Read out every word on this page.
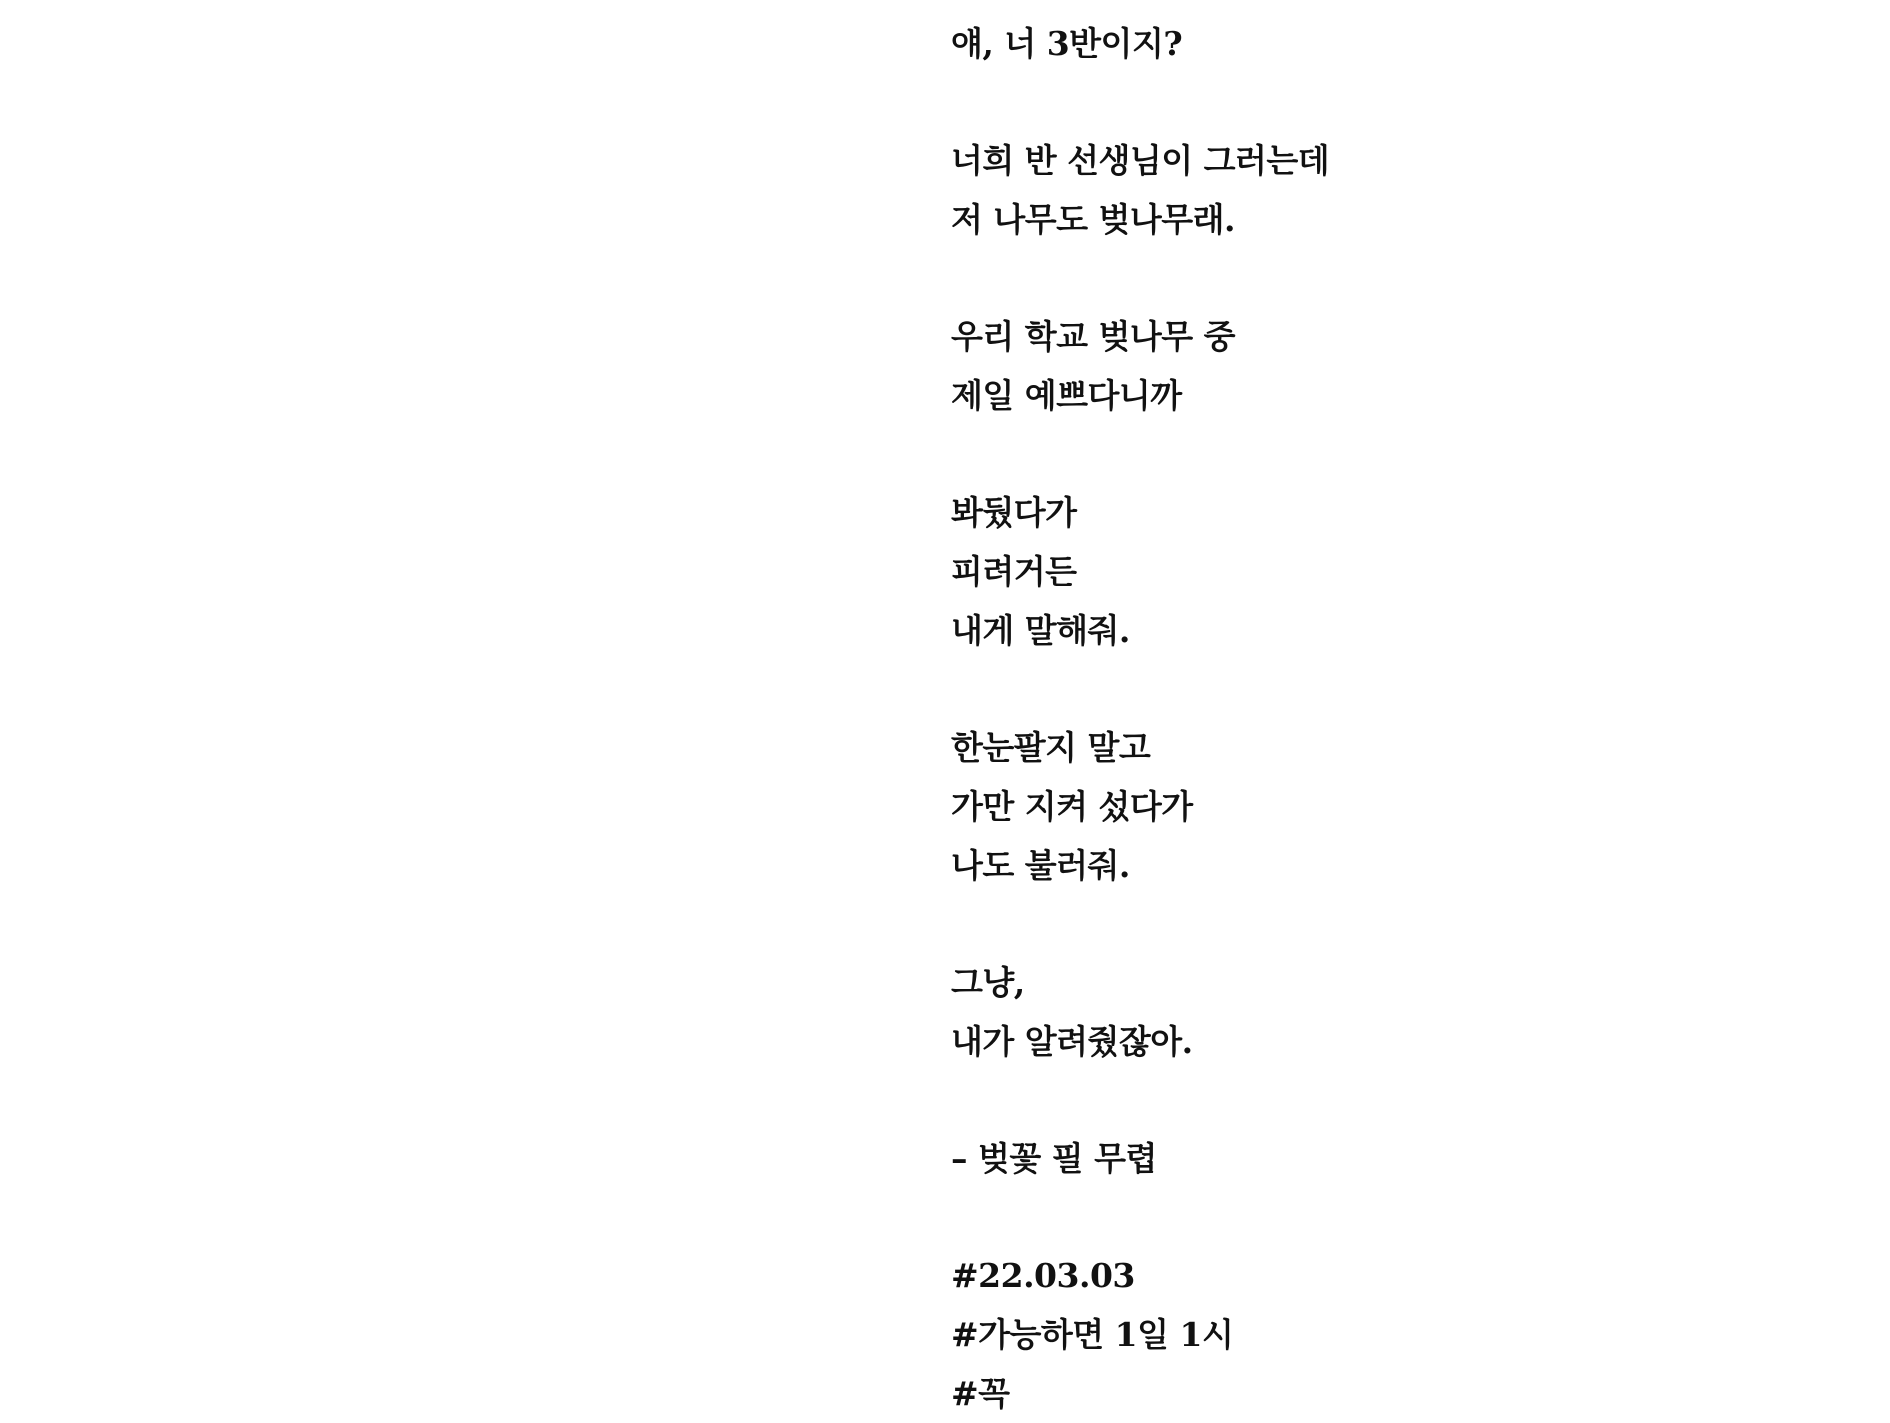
얘, 너 3반이지?
너희 반 선생님이 그러는데
저 나무도 벚나무래.
우리 학교 벚나무 중
제일 예쁘다니까
봐뒀다가
피려거든
내게 말해줘.
한눈팔지 말고
가만 지켜 섰다가
나도 불러줘.
그냥,
내가 알려줬잖아.
– 벚꽃 필 무렵
#22.03.03
#가능하면 1일 1시
#꼭
